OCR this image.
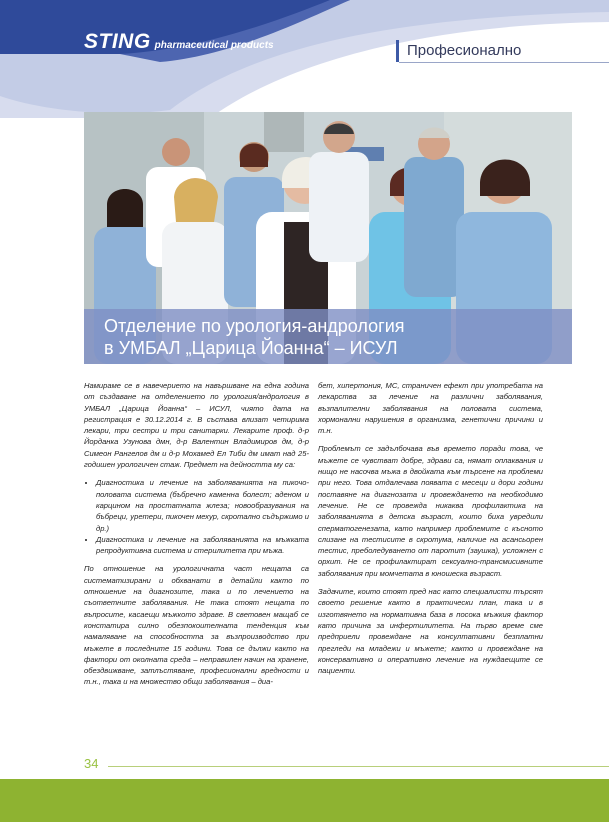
STING pharmaceutical products	Професионално
Отделение по урология-андрология
в УМБАЛ „Царица Йоанна“ – ИСУЛ

Намираме се в навечерието на навършване на една година от създаване на отделението по урология/андрология в УМБАЛ „Царица Йоанна“ – ИСУЛ, чиято дата на регистрация е 30.12.2014 г. В състава влизат четирима лекари, три сестри и три санитарки. Лекарите проф. д-р Йорданка Узунова дмн, д-р Валентин Владимиров дм, д-р Симеон Рангелов дм и д-р Мохамед Ел Тиби дм имат над 25-годишен урологичен стаж. Предмет на дейността му са:

• Диагностика и лечение на заболяванията на пикочо-половата система (бъбречно каменна болест; аденом и карцином на простатната жлеза; новообразувания на бъбреци, уретери, пикочен мехур, скротално съдържимо и др.)
• Диагностика и лечение на заболяванията на мъжката репродуктивна система и стерилитета при мъжа.

По отношение на урологичната част нещата са систематизирани и обхванати в детайли както по отношение на диагнозите, така и по лечението на съответните заболявания. Не така стоят нещата по въпросите, касаещи мъжкото здраве. В световен мащаб се констатира силно обезпокоителната тенденция към намаляване на способността за възпроизводство при мъжете в последните 15 години. Това се дължи както на фактори от околната среда – неправилен начин на хранене, обездвижване, затлъстяване, професионални вредности и т.н., така и на множество общи заболявания – диа-

бет, хипертония, МС, страничен ефект при употребата на лекарства за лечение на различни заболявания, възпалителни заболявания на половата система, хормонални нарушения в организма, генетични причини и т.н.

Проблемът се задълбочава във времето поради това, че мъжете се чувстват добре, здрави са, нямат оплаквания и нищо не насочва мъжа в двойката към търсене на проблеми при него. Това отдалечава появата с месеци и дори години поставяне на диагнозата и провеждането на необходимо лечение. Не се провежда никаква профилактика на заболяванията в детска възраст, които биха увредили сперматогенезата, като например проблемите с късното слизане на тестисите в скротума, наличие на асансьорен тестис, преболедуването от паротит (заушка), усложнен с орхит. Не се профилактират сексуално-трансмисивните заболявания при момчетата в юношеска възраст.

Задачите, които стоят пред нас като специалисти търсят своето решение както в практически план, така и в изготвянето на нормативна база в посока мъжкия фактор като причина за инфертилитета. На първо време сме предприели провеждане на консултативни безплатни прегледи на младежи и мъжете; както и провеждане на консервативно и оперативно лечение на нуждаещите се пациенти.

34
